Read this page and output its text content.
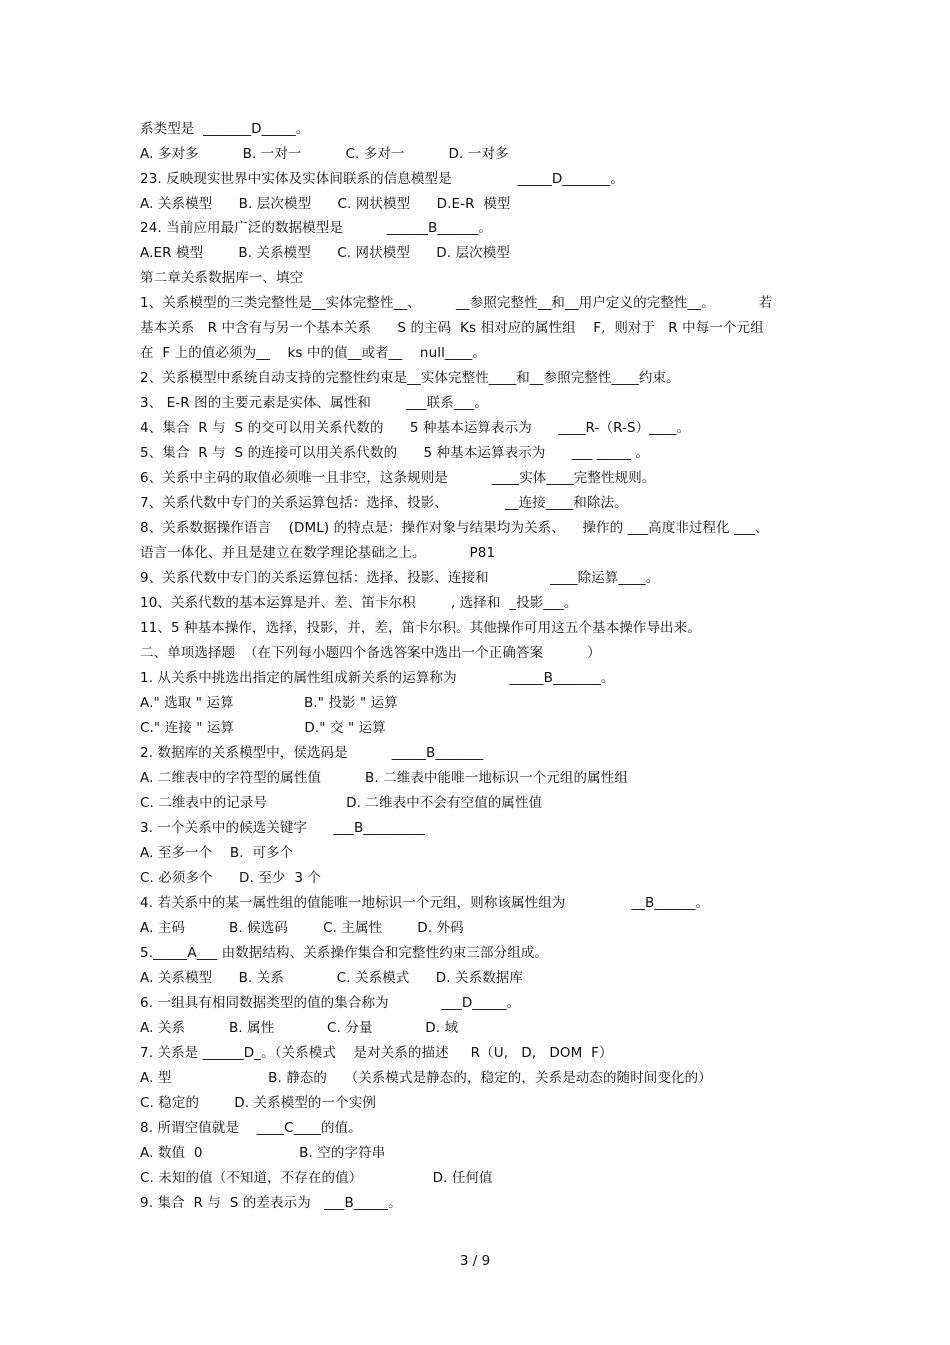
系类型是  _______D_____。
A. 多对多          B. 一对一          C. 多对一          D. 一对多
23. 反映现实世界中实体及实体间联系的信息模型是               _____D_______。
A. 关系模型      B. 层次模型      C. 网状模型      D.E-R  模型
24. 当前应用最广泛的数据模型是          ______B______。
A.ER 模型        B. 关系模型      C. 网状模型      D. 层次模型
第二章关系数据库一、填空
1、关系模型的三类完整性是__实体完整性__、        __参照完整性__和__用户定义的完整性__。          若
基本关系   R 中含有与另一个基本关系      S 的主码  Ks 相对应的属性组    F,  则对于   R 中每一个元组
在  F 上的值必须为__    ks 中的值__或者__    null____。
2、关系模型中系统自动支持的完整性约束是__实体完整性____和__参照完整性____约束。
3、 E-R 图的主要元素是实体、属性和        ___联系___。
4、集合  R 与  S 的交可以用关系代数的      5 种基本运算表示为      ____R-（R-S）____。
5、集合  R 与  S 的连接可以用关系代数的      5 种基本运算表示为      ___ _____ 。
6、关系中主码的取值必须唯一且非空，这条规则是          ____实体____完整性规则。
7、关系代数中专门的关系运算包括：选择、投影、             __连接____和除法。
8、关系数据操作语言    (DML) 的特点是：操作对象与结果均为关系、    操作的 ___高度非过程化 ___、
语言一体化、并且是建立在数学理论基础之上。          P81
9、关系代数中专门的关系运算包括：选择、投影、连接和              ____除运算____。
10、关系代数的基本运算是并、差、笛卡尔积        , 选择和  _投影___。
11、5 种基本操作，选择，投影，并，差，笛卡尔积。其他操作可用这五个基本操作导出来。
二、单项选择题  （在下列每小题四个备选答案中选出一个正确答案          ）
1. 从关系中挑选出指定的属性组成新关系的运算称为            _____B_______。
A." 选取 " 运算                B." 投影 " 运算
C." 连接 " 运算                D." 交 " 运算
2. 数据库的关系模型中，侯选码是          _____B_______
A. 二维表中的字符型的属性值          B. 二维表中能唯一地标识一个元组的属性组
C. 二维表中的记录号                  D. 二维表中不会有空值的属性值
3. 一个关系中的候选关键字      ___B_________
A. 至多一个    B.  可多个
C. 必须多个      D. 至少  3 个
4. 若关系中的某一属性组的值能唯一地标识一个元组，则称该属性组为               __B______。
A. 主码          B. 候选码        C. 主属性        D. 外码
5._____A___ 由数据结构、关系操作集合和完整性约束三部分组成。
A. 关系模型      B. 关系            C. 关系模式      D. 关系数据库
6. 一组具有相同数据类型的值的集合称为            ___D_____。
A. 关系          B. 属性            C. 分量            D. 域
7. 关系是 ______D_。（关系模式    是对关系的描述     R（U,   D,   DOM  F）
A. 型                      B. 静态的    （关系模式是静态的，稳定的，关系是动态的随时间变化的）
C. 稳定的        D. 关系模型的一个实例
8. 所谓空值就是    ____C____的值。
A. 数值  0                      B. 空的字符串
C. 未知的值（不知道，不存在的值）                D. 任何值
9. 集合  R 与  S 的差表示为   ___B_____。
3 / 9
